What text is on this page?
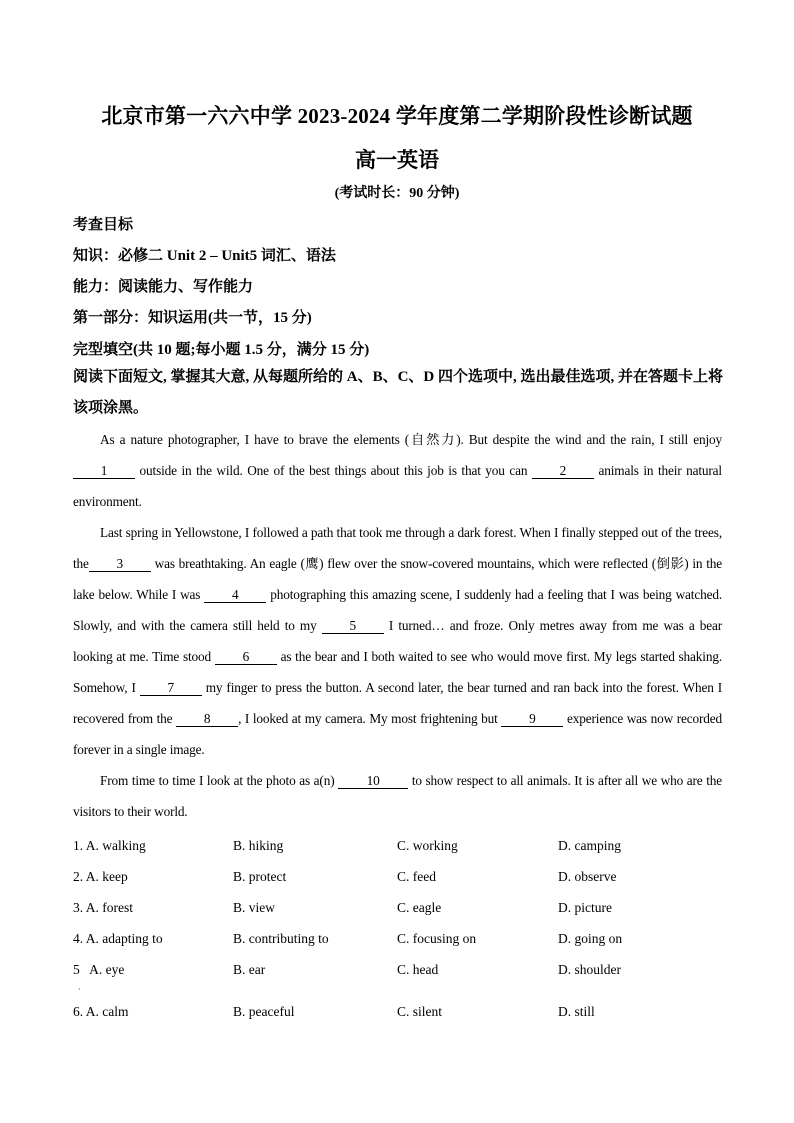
北京市第一六六中学 2023-2024 学年度第二学期阶段性诊断试题
高一英语
(考试时长：90 分钟)
考查目标
知识：必修二 Unit 2 – Unit5 词汇、语法
能力：阅读能力、写作能力
第一部分：知识运用(共一节，15 分)
完型填空(共 10 题;每小题 1.5 分，满分 15 分)
阅读下面短文, 掌握其大意, 从每题所给的 A、B、C、D 四个选项中, 选出最佳选项, 并在答题卡上将该项涂黑。

As a nature photographer, I have to brave the elements (自然力). But despite the wind and the rain, I still enjoy 1 outside in the wild. One of the best things about this job is that you can 2 animals in their natural environment.

Last spring in Yellowstone, I followed a path that took me through a dark forest. When I finally stepped out of the trees, the 3 was breathtaking. An eagle (鹰) flew over the snow-covered mountains, which were reflected (倒影) in the lake below. While I was 4 photographing this amazing scene, I suddenly had a feeling that I was being watched. Slowly, and with the camera still held to my 5 I turned… and froze. Only metres away from me was a bear looking at me. Time stood 6 as the bear and I both waited to see who would move first. My legs started shaking. Somehow, I 7 my finger to press the button. A second later, the bear turned and ran back into the forest. When I recovered from the 8 , I looked at my camera. My most frightening but 9 experience was now recorded forever in a single image.

From time to time I look at the photo as a(n) 10 to show respect to all animals. It is after all we who are the visitors to their world.

1. A. walking	B. hiking	C. working	D. camping
2. A. keep	B. protect	C. feed	D. observe
3. A. forest	B. view	C. eagle	D. picture
4. A. adapting to	B. contributing to	C. focusing on	D. going on
5   A. eye	B. ear	C. head	D. shoulder
·
6. A. calm	B. peaceful	C. silent	D. still
